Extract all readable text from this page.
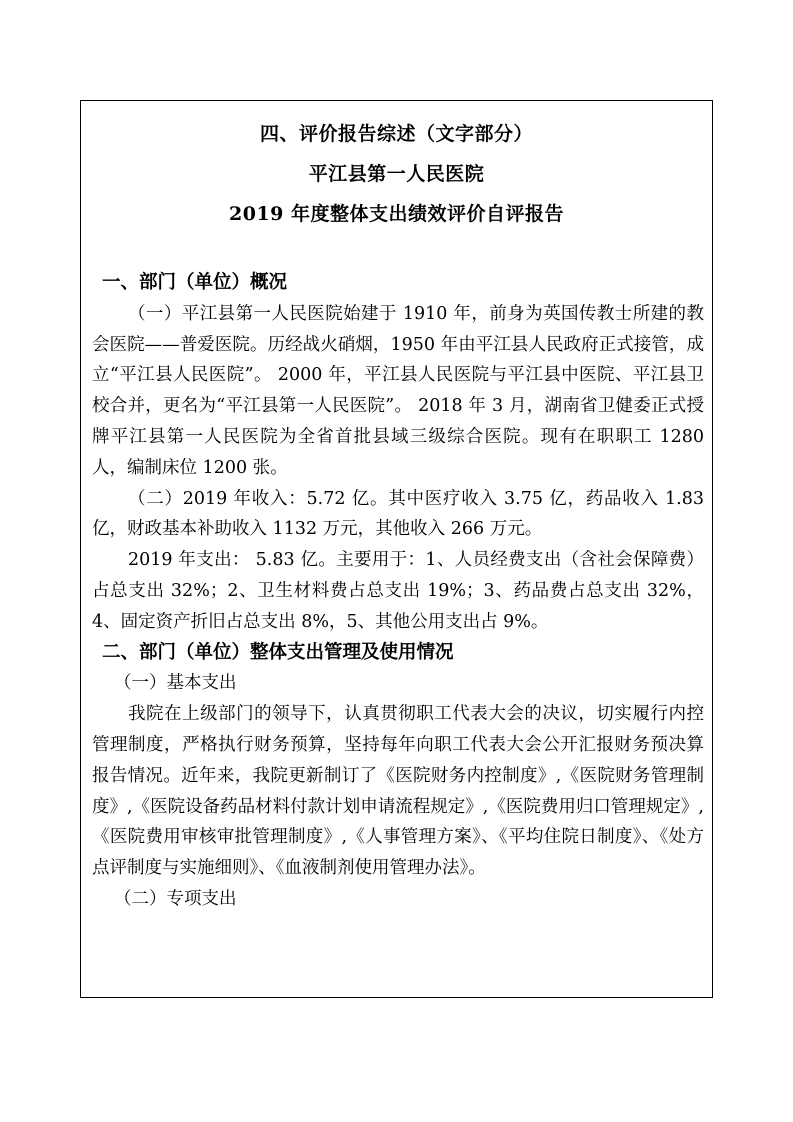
四、评价报告综述（文字部分）
平江县第一人民医院
2019 年度整体支出绩效评价自评报告
一、部门（单位）概况
（一）平江县第一人民医院始建于 1910 年，前身为英国传教士所建的教会医院——普爱医院。历经战火硝烟，1950 年由平江县人民政府正式接管，成立“平江县人民医院”。 2000 年，平江县人民医院与平江县中医院、平江县卫校合并，更名为“平江县第一人民医院”。 2018 年 3 月，湖南省卫健委正式授牌平江县第一人民医院为全省首批县域三级综合医院。现有在职职工 1280 人，编制床位 1200 张。
（二）2019 年收入：5.72 亿。其中医疗收入 3.75 亿，药品收入 1.83 亿，财政基本补助收入 1132 万元，其他收入 266 万元。
2019 年支出： 5.83 亿。主要用于：1、人员经费支出（含社会保障费）占总支出 32%；2、卫生材料费占总支出 19%；3、药品费占总支出 32%，4、固定资产折旧占总支出 8%，5、其他公用支出占 9%。
二、部门（单位）整体支出管理及使用情况
（一）基本支出
我院在上级部门的领导下，认真贯彻职工代表大会的决议，切实履行内控管理制度，严格执行财务预算，坚持每年向职工代表大会公开汇报财务预决算报告情况。近年来，我院更新制订了《医院财务内控制度》,《医院财务管理制度》,《医院设备药品材料付款计划申请流程规定》,《医院费用归口管理规定》,《医院费用审核审批管理制度》,《人事管理方案》、《平均住院日制度》、《处方点评制度与实施细则》、《血液制剂使用管理办法》。
（二）专项支出
